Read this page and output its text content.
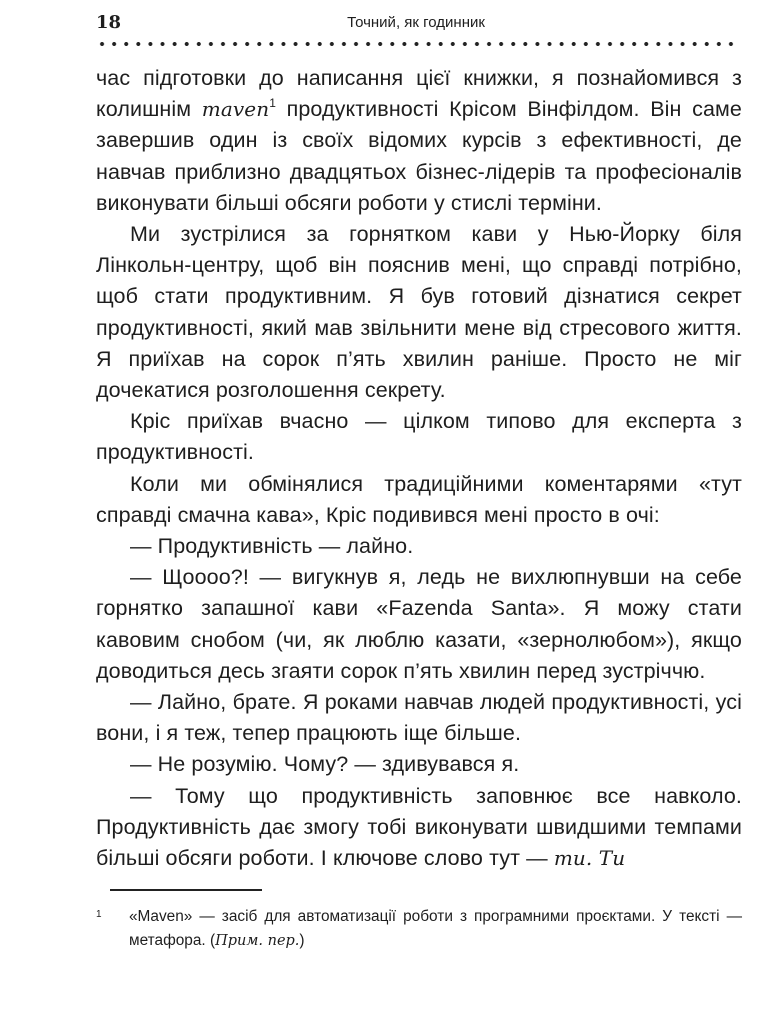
18	Точний, як годинник

час підготовки до написання цієї книжки, я познайомився з колишнім maven$^1$ продуктивності Крісом Вінфілдом. Він саме завершив один із своїх відомих курсів з ефективності, де навчав приблизно двадцятьох бізнес-лідерів та професіоналів виконувати більші обсяги роботи у стислі терміни.

Ми зустрілися за горнятком кави у Нью-Йорку біля Лінкольн-центру, щоб він пояснив мені, що справді потрібно, щоб стати продуктивним. Я був готовий дізнатися секрет продуктивності, який мав звільнити мене від стресового життя. Я приїхав на сорок п’ять хвилин раніше. Просто не міг дочекатися розголошення секрету.

Кріс приїхав вчасно — цілком типово для експерта з продуктивності.

Коли ми обмінялися традиційними коментарями «тут справді смачна кава», Кріс подивився мені просто в очі:

— Продуктивність — лайно.

— Щоооо?! — вигукнув я, ледь не вихлюпнувши на себе горнятко запашної кави «Fazenda Santa». Я можу стати кавовим снобом (чи, як люблю казати, «зернолюбом»), якщо доводиться десь згаяти сорок п’ять хвилин перед зустріччю.

— Лайно, брате. Я роками навчав людей продуктивності, усі вони, і я теж, тепер працюють іще більше.

— Не розумію. Чому? — здивувався я.

— Тому що продуктивність заповнює все навколо. Продуктивність дає змогу тобі виконувати швидшими темпами більші обсяги роботи. І ключове слово тут — ти. Ти

1	«Maven» — засіб для автоматизації роботи з програмними проєктами. У тексті — метафора. (Прим. пер.)
